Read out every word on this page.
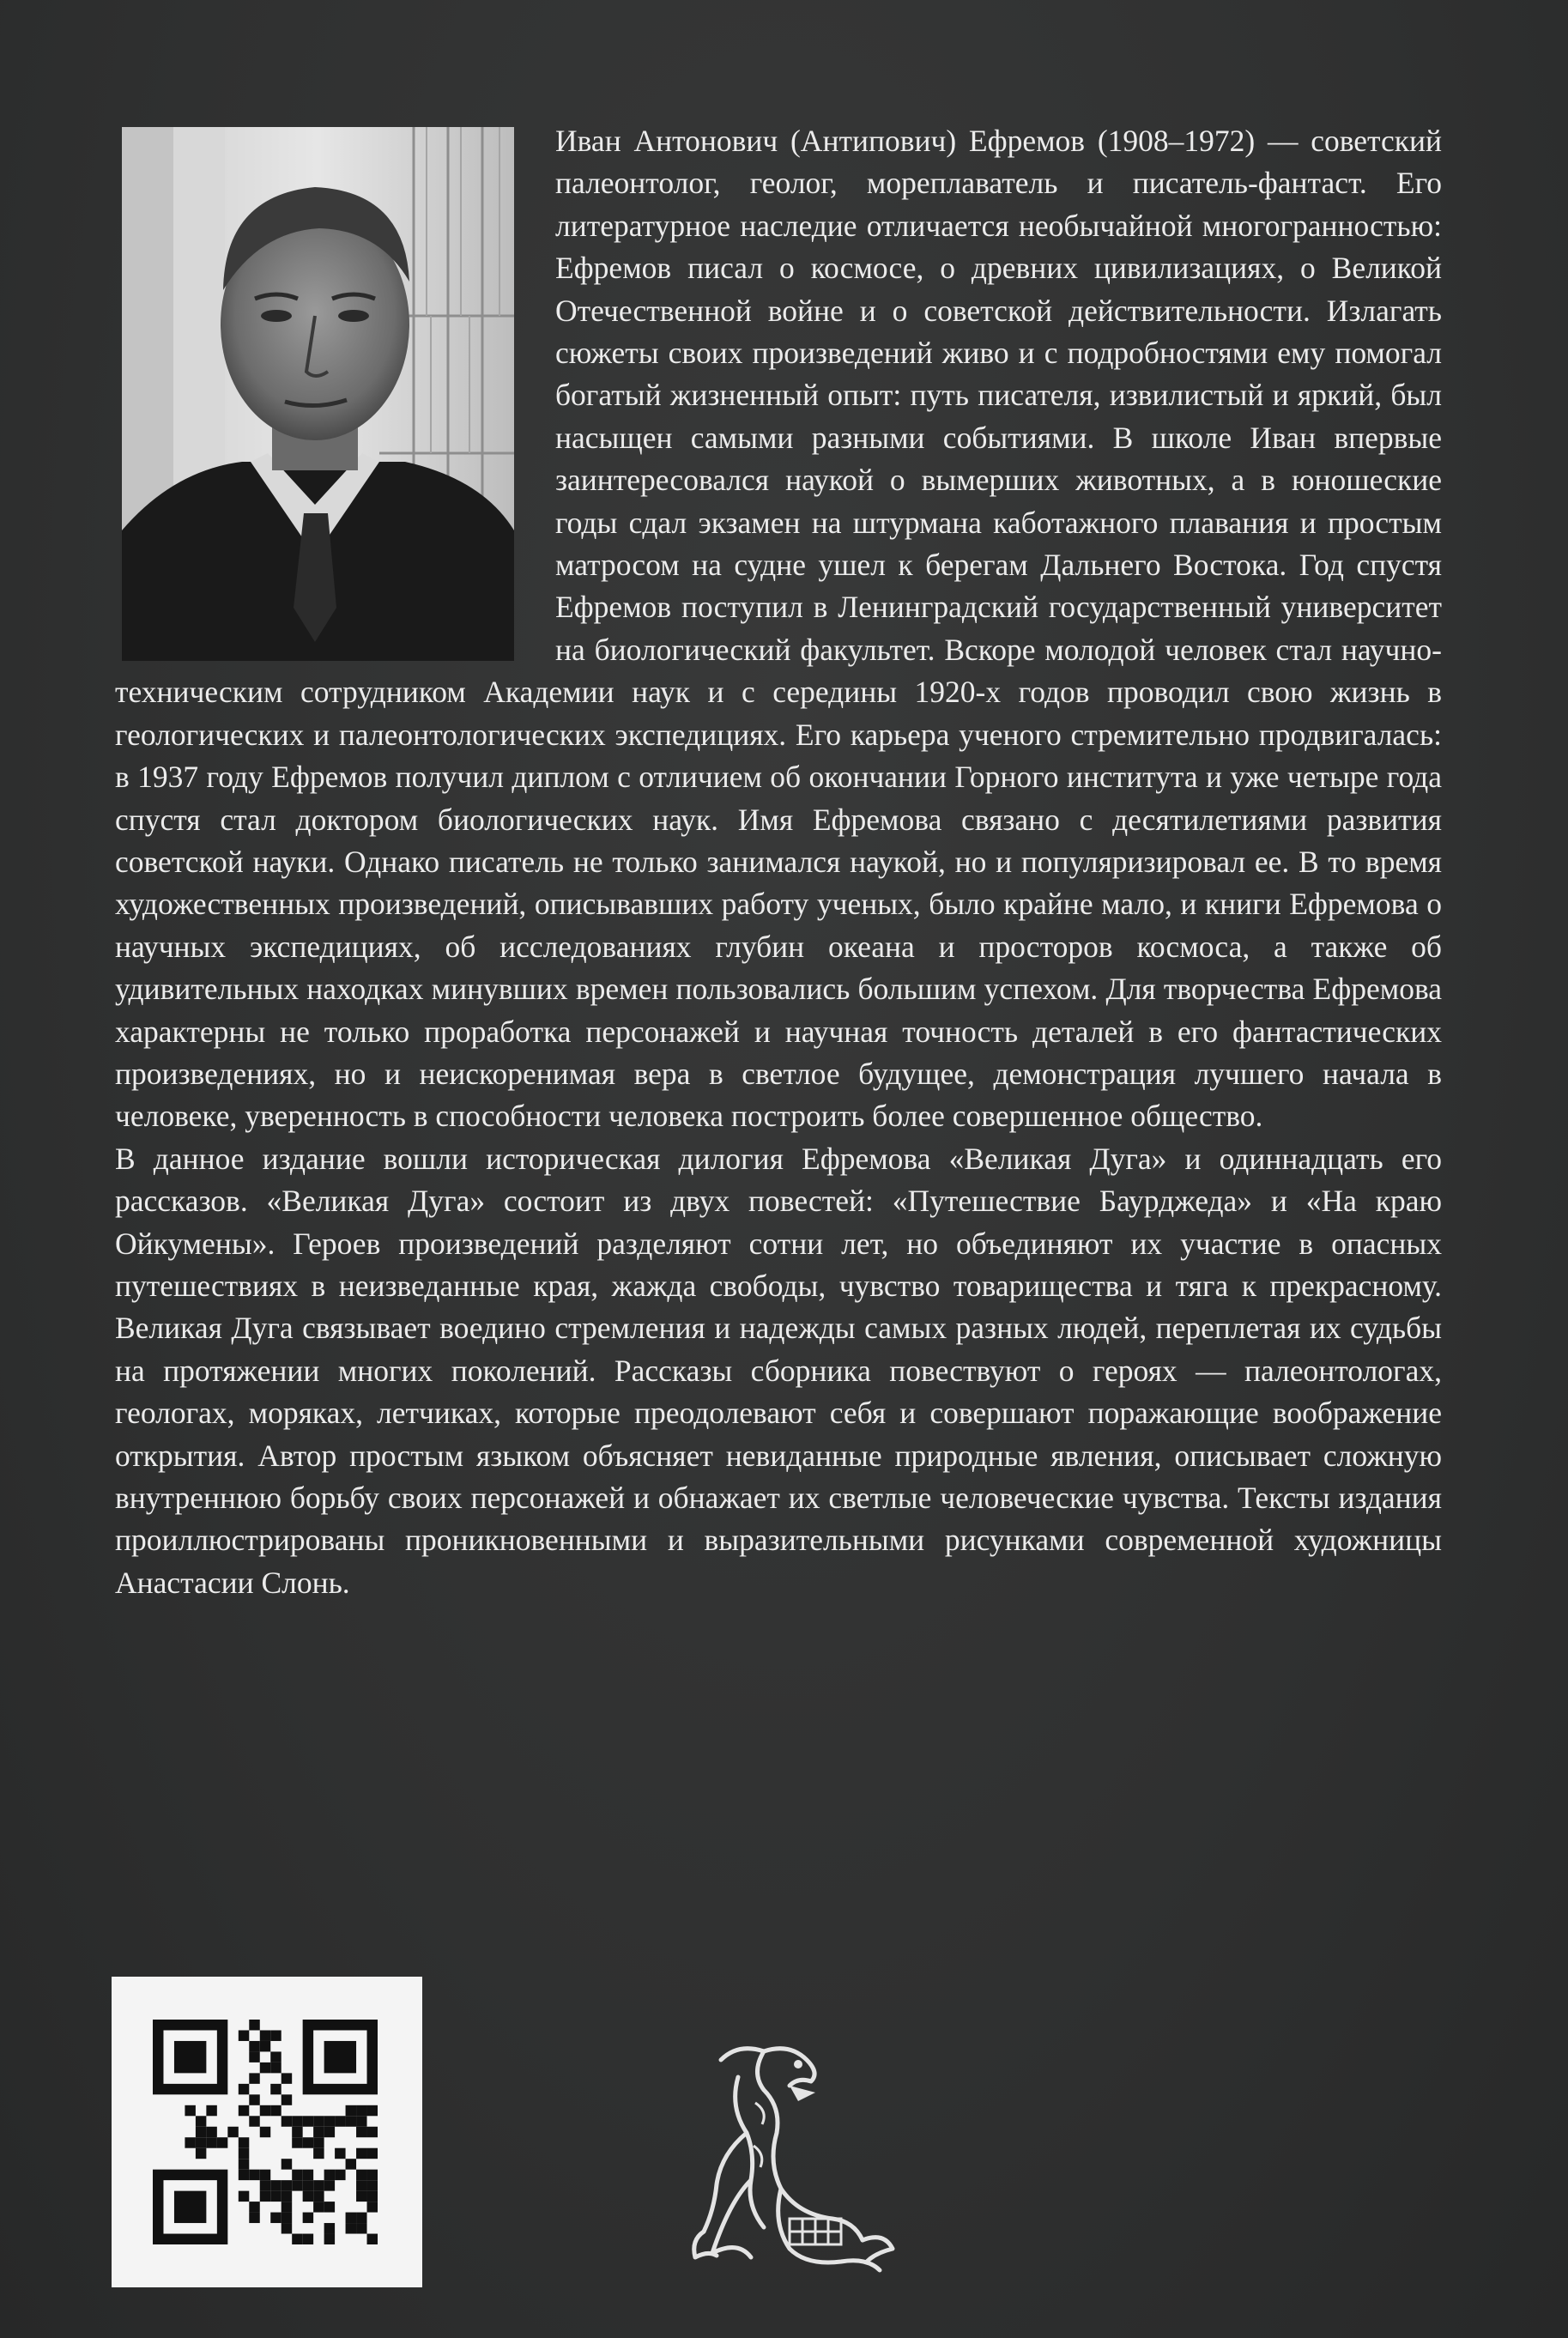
Иван Антонович (Антипович) Ефремов (1908–1972) — советский палеонтолог, геолог, мореплаватель и писатель-фантаст. Его литературное наследие отличается необычайной многогранностью: Ефремов писал о космосе, о древних цивилизациях, о Великой Отечественной войне и о советской действительности. Излагать сюжеты своих произведений живо и с подробностями ему помогал богатый жизненный опыт: путь писателя, извилистый и яркий, был насыщен самыми разными событиями. В школе Иван впервые заинтересовался наукой о вымерших животных, а в юношеские годы сдал экзамен на штурмана каботажного плавания и простым матросом на судне ушел к берегам Дальнего Востока. Год спустя Ефремов поступил в Ленинградский государственный университет на биологический факультет. Вскоре молодой человек стал научно-техническим сотрудником Академии наук и с середины 1920-х годов проводил свою жизнь в геологических и палеонтологических экспедициях. Его карьера ученого стремительно продвигалась: в 1937 году Ефремов получил диплом с отличием об окончании Горного института и уже четыре года спустя стал доктором биологических наук. Имя Ефремова связано с десятилетиями развития советской науки. Однако писатель не только занимался наукой, но и популяризировал ее. В то время художественных произведений, описывавших работу ученых, было крайне мало, и книги Ефремова о научных экспедициях, об исследованиях глубин океана и просторов космоса, а также об удивительных находках минувших времен пользовались большим успехом. Для творчества Ефремова характерны не только проработка персонажей и научная точность деталей в его фантастических произведениях, но и неискоренимая вера в светлое будущее, демонстрация лучшего начала в человеке, уверенность в способности человека построить более совершенное общество.

В данное издание вошли историческая дилогия Ефремова «Великая Дуга» и одиннадцать его рассказов. «Великая Дуга» состоит из двух повестей: «Путешествие Баурджеда» и «На краю Ойкумены». Героев произведений разделяют сотни лет, но объединяют их участие в опасных путешествиях в неизведанные края, жажда свободы, чувство товарищества и тяга к прекрасному. Великая Дуга связывает воедино стремления и надежды самых разных людей, переплетая их судьбы на протяжении многих поколений. Рассказы сборника повествуют о героях — палеонтологах, геологах, моряках, летчиках, которые преодолевают себя и совершают поражающие воображение открытия. Автор простым языком объясняет невиданные природные явления, описывает сложную внутреннюю борьбу своих персонажей и обнажает их светлые человеческие чувства. Тексты издания проиллюстрированы проникновенными и выразительными рисунками современной художницы Анастасии Слонь.
